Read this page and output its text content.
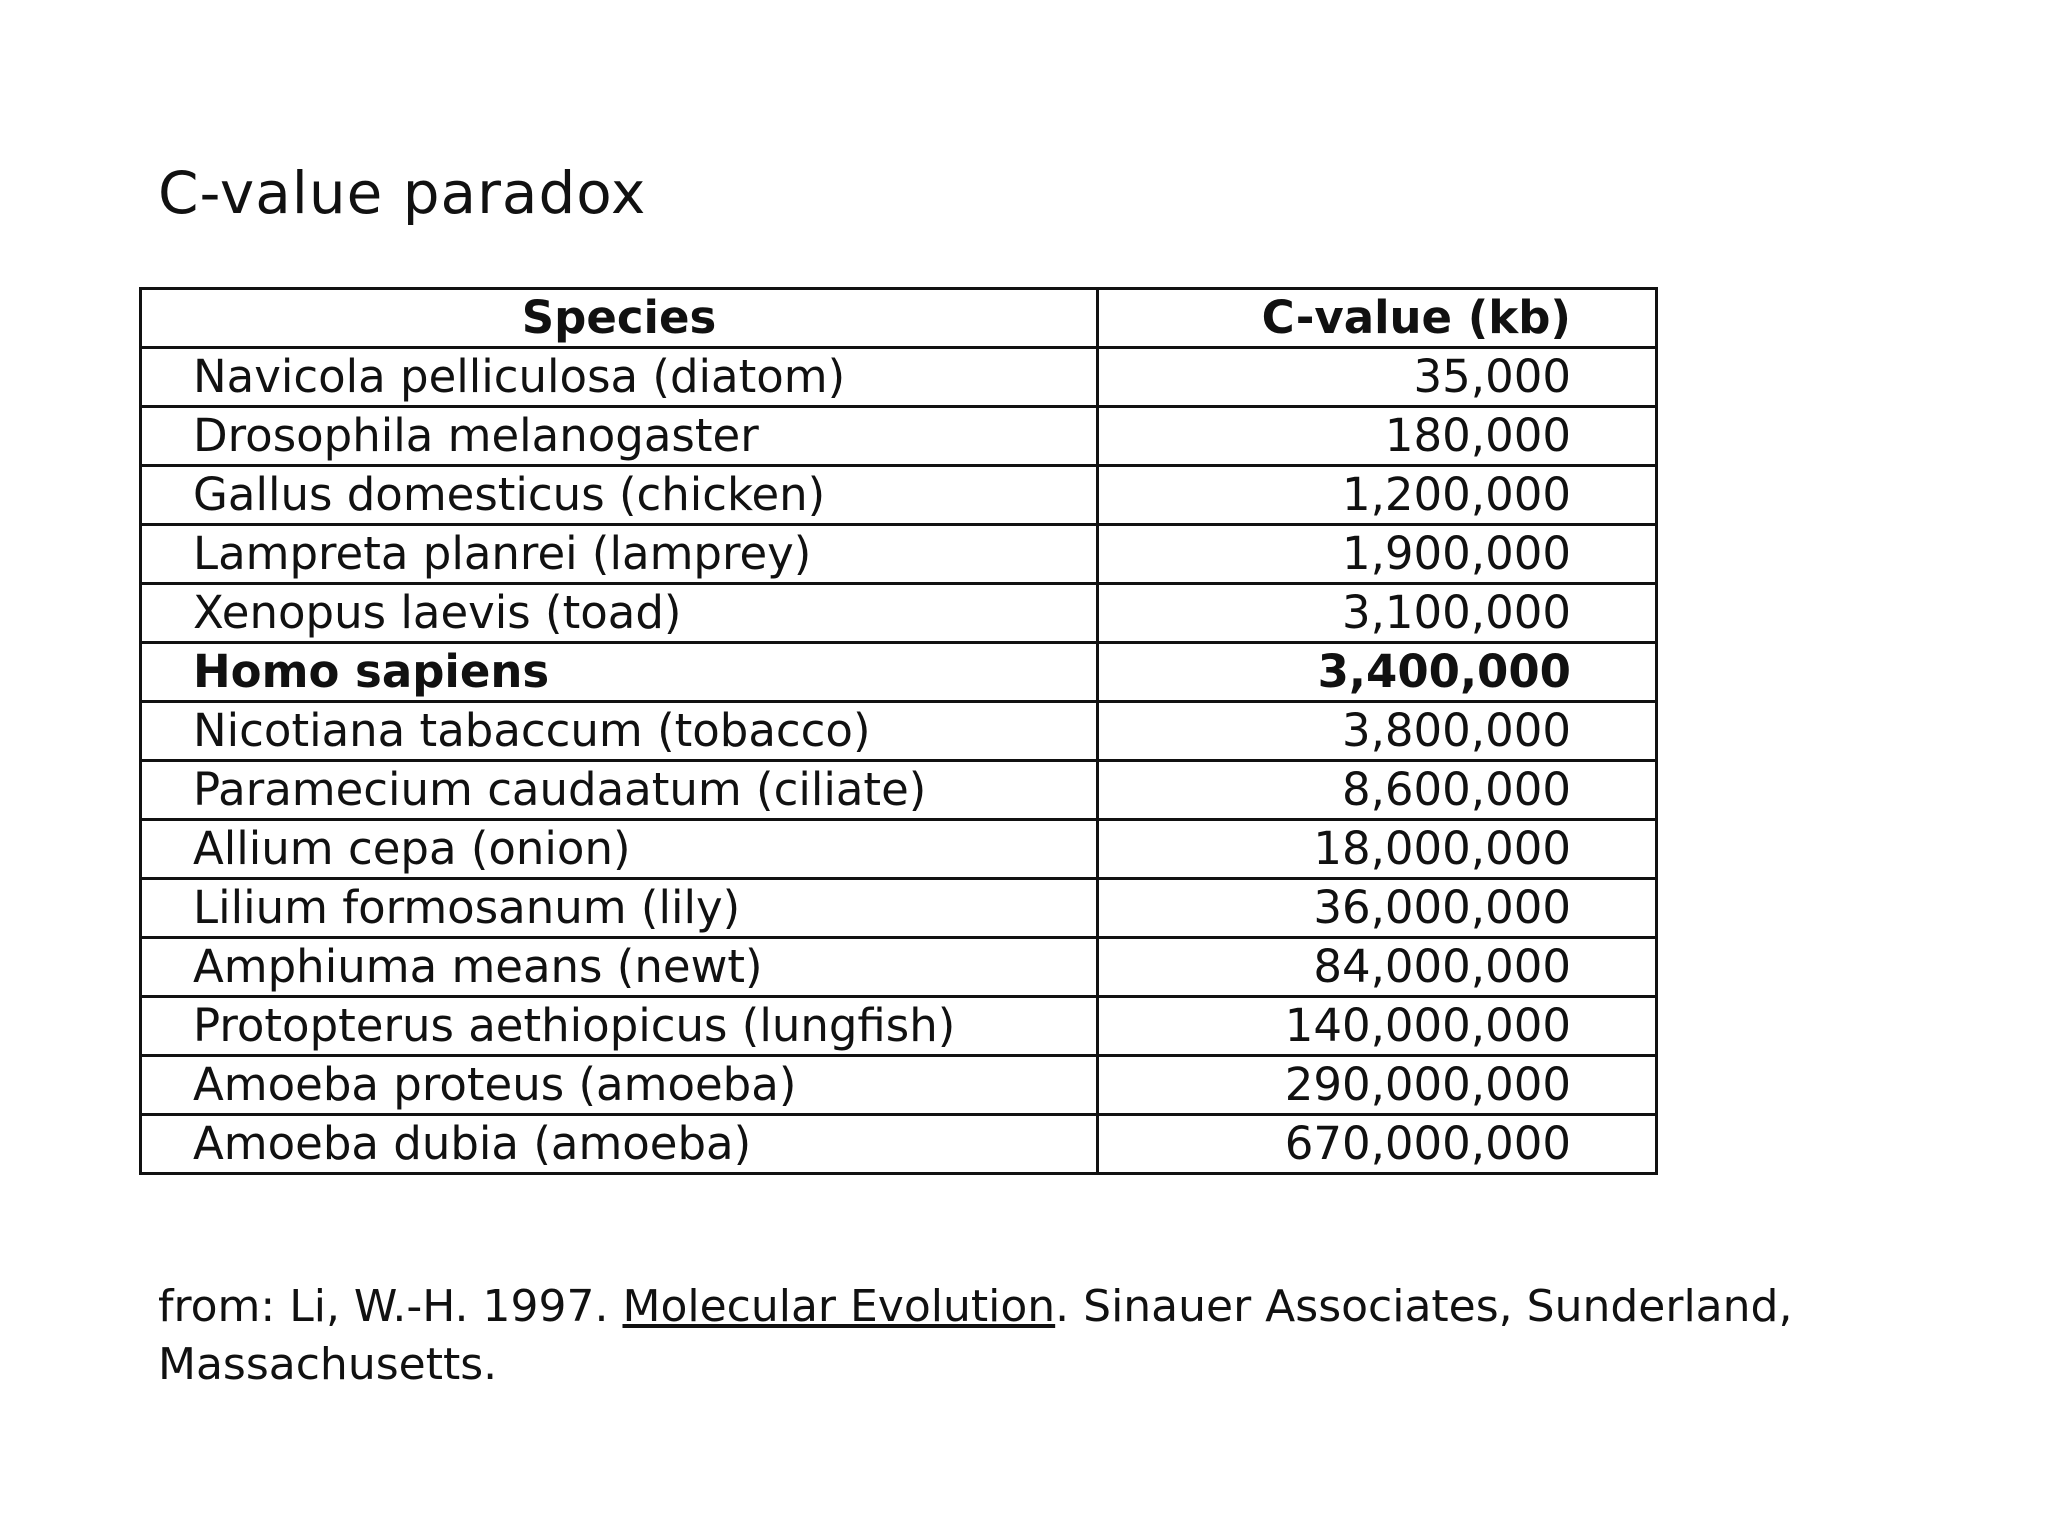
C-value paradox
Species	C-value (kb)
Navicola pelliculosa (diatom)	35,000
Drosophila melanogaster	180,000
Gallus domesticus (chicken)	1,200,000
Lampreta planrei (lamprey)	1,900,000
Xenopus laevis (toad)	3,100,000
Homo sapiens	3,400,000
Nicotiana tabaccum (tobacco)	3,800,000
Paramecium caudaatum (ciliate)	8,600,000
Allium cepa (onion)	18,000,000
Lilium formosanum (lily)	36,000,000
Amphiuma means (newt)	84,000,000
Protopterus aethiopicus (lungfish)	140,000,000
Amoeba proteus (amoeba)	290,000,000
Amoeba dubia (amoeba)	670,000,000

from: Li, W.-H. 1997. Molecular Evolution. Sinauer Associates, Sunderland, Massachusetts.
